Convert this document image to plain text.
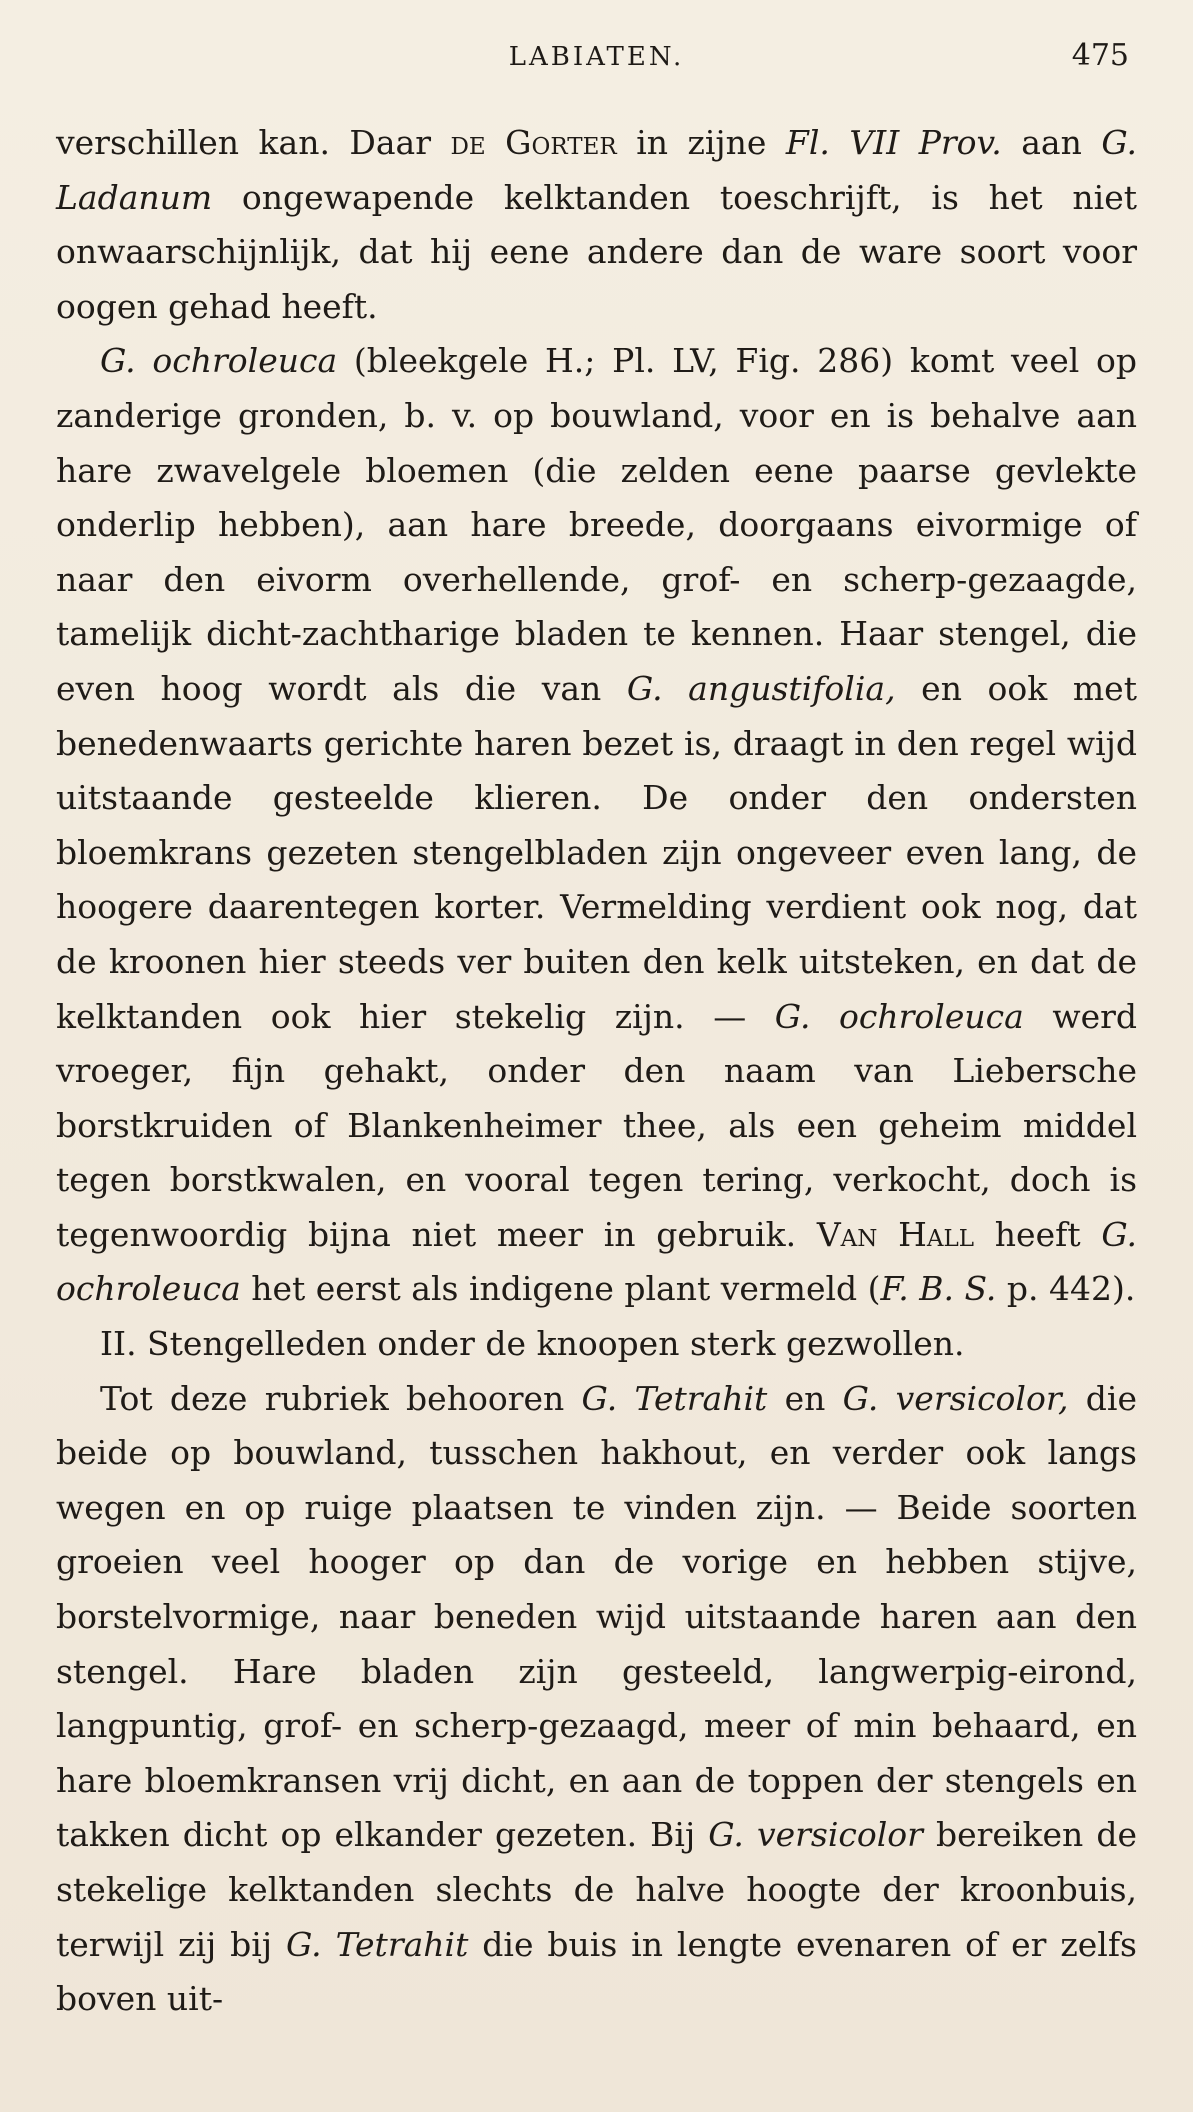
LABIATEN.	475

verschillen kan. Daar de Gorter in zijne Fl. VII Prov. aan G. Ladanum ongewapende kelktanden toeschrijft, is het niet onwaarschijnlijk, dat hij eene andere dan de ware soort voor oogen gehad heeft.

G. ochroleuca (bleekgele H.; Pl. LV, Fig. 286) komt veel op zanderige gronden, b. v. op bouwland, voor en is behalve aan hare zwavelgele bloemen (die zelden eene paarse gevlekte onderlip hebben), aan hare breede, doorgaans eivormige of naar den eivorm overhellende, grof- en scherp-gezaagde, tamelijk dicht-zachtharige bladen te kennen. Haar stengel, die even hoog wordt als die van G. angustifolia, en ook met benedenwaarts gerichte haren bezet is, draagt in den regel wijd uitstaande gesteelde klieren. De onder den ondersten bloemkrans gezeten stengelbladen zijn ongeveer even lang, de hoogere daarentegen korter. Vermelding verdient ook nog, dat de kroonen hier steeds ver buiten den kelk uitsteken, en dat de kelktanden ook hier stekelig zijn. — G. ochroleuca werd vroeger, fijn gehakt, onder den naam van Liebersche borstkruiden of Blankenheimer thee, als een geheim middel tegen borstkwalen, en vooral tegen tering, verkocht, doch is tegenwoordig bijna niet meer in gebruik. Van Hall heeft G. ochroleuca het eerst als indigene plant vermeld (F. B. S. p. 442).

II. Stengelleden onder de knoopen sterk gezwollen.

Tot deze rubriek behooren G. Tetrahit en G. versicolor, die beide op bouwland, tusschen hakhout, en verder ook langs wegen en op ruige plaatsen te vinden zijn. — Beide soorten groeien veel hooger op dan de vorige en hebben stijve, borstelvormige, naar beneden wijd uitstaande haren aan den stengel. Hare bladen zijn gesteeld, langwerpig-eirond, langpuntig, grof- en scherp-gezaagd, meer of min behaard, en hare bloemkransen vrij dicht, en aan de toppen der stengels en takken dicht op elkander gezeten. Bij G. versicolor bereiken de stekelige kelktanden slechts de halve hoogte der kroonbuis, terwijl zij bij G. Tetrahit die buis in lengte evenaren of er zelfs boven uit-
